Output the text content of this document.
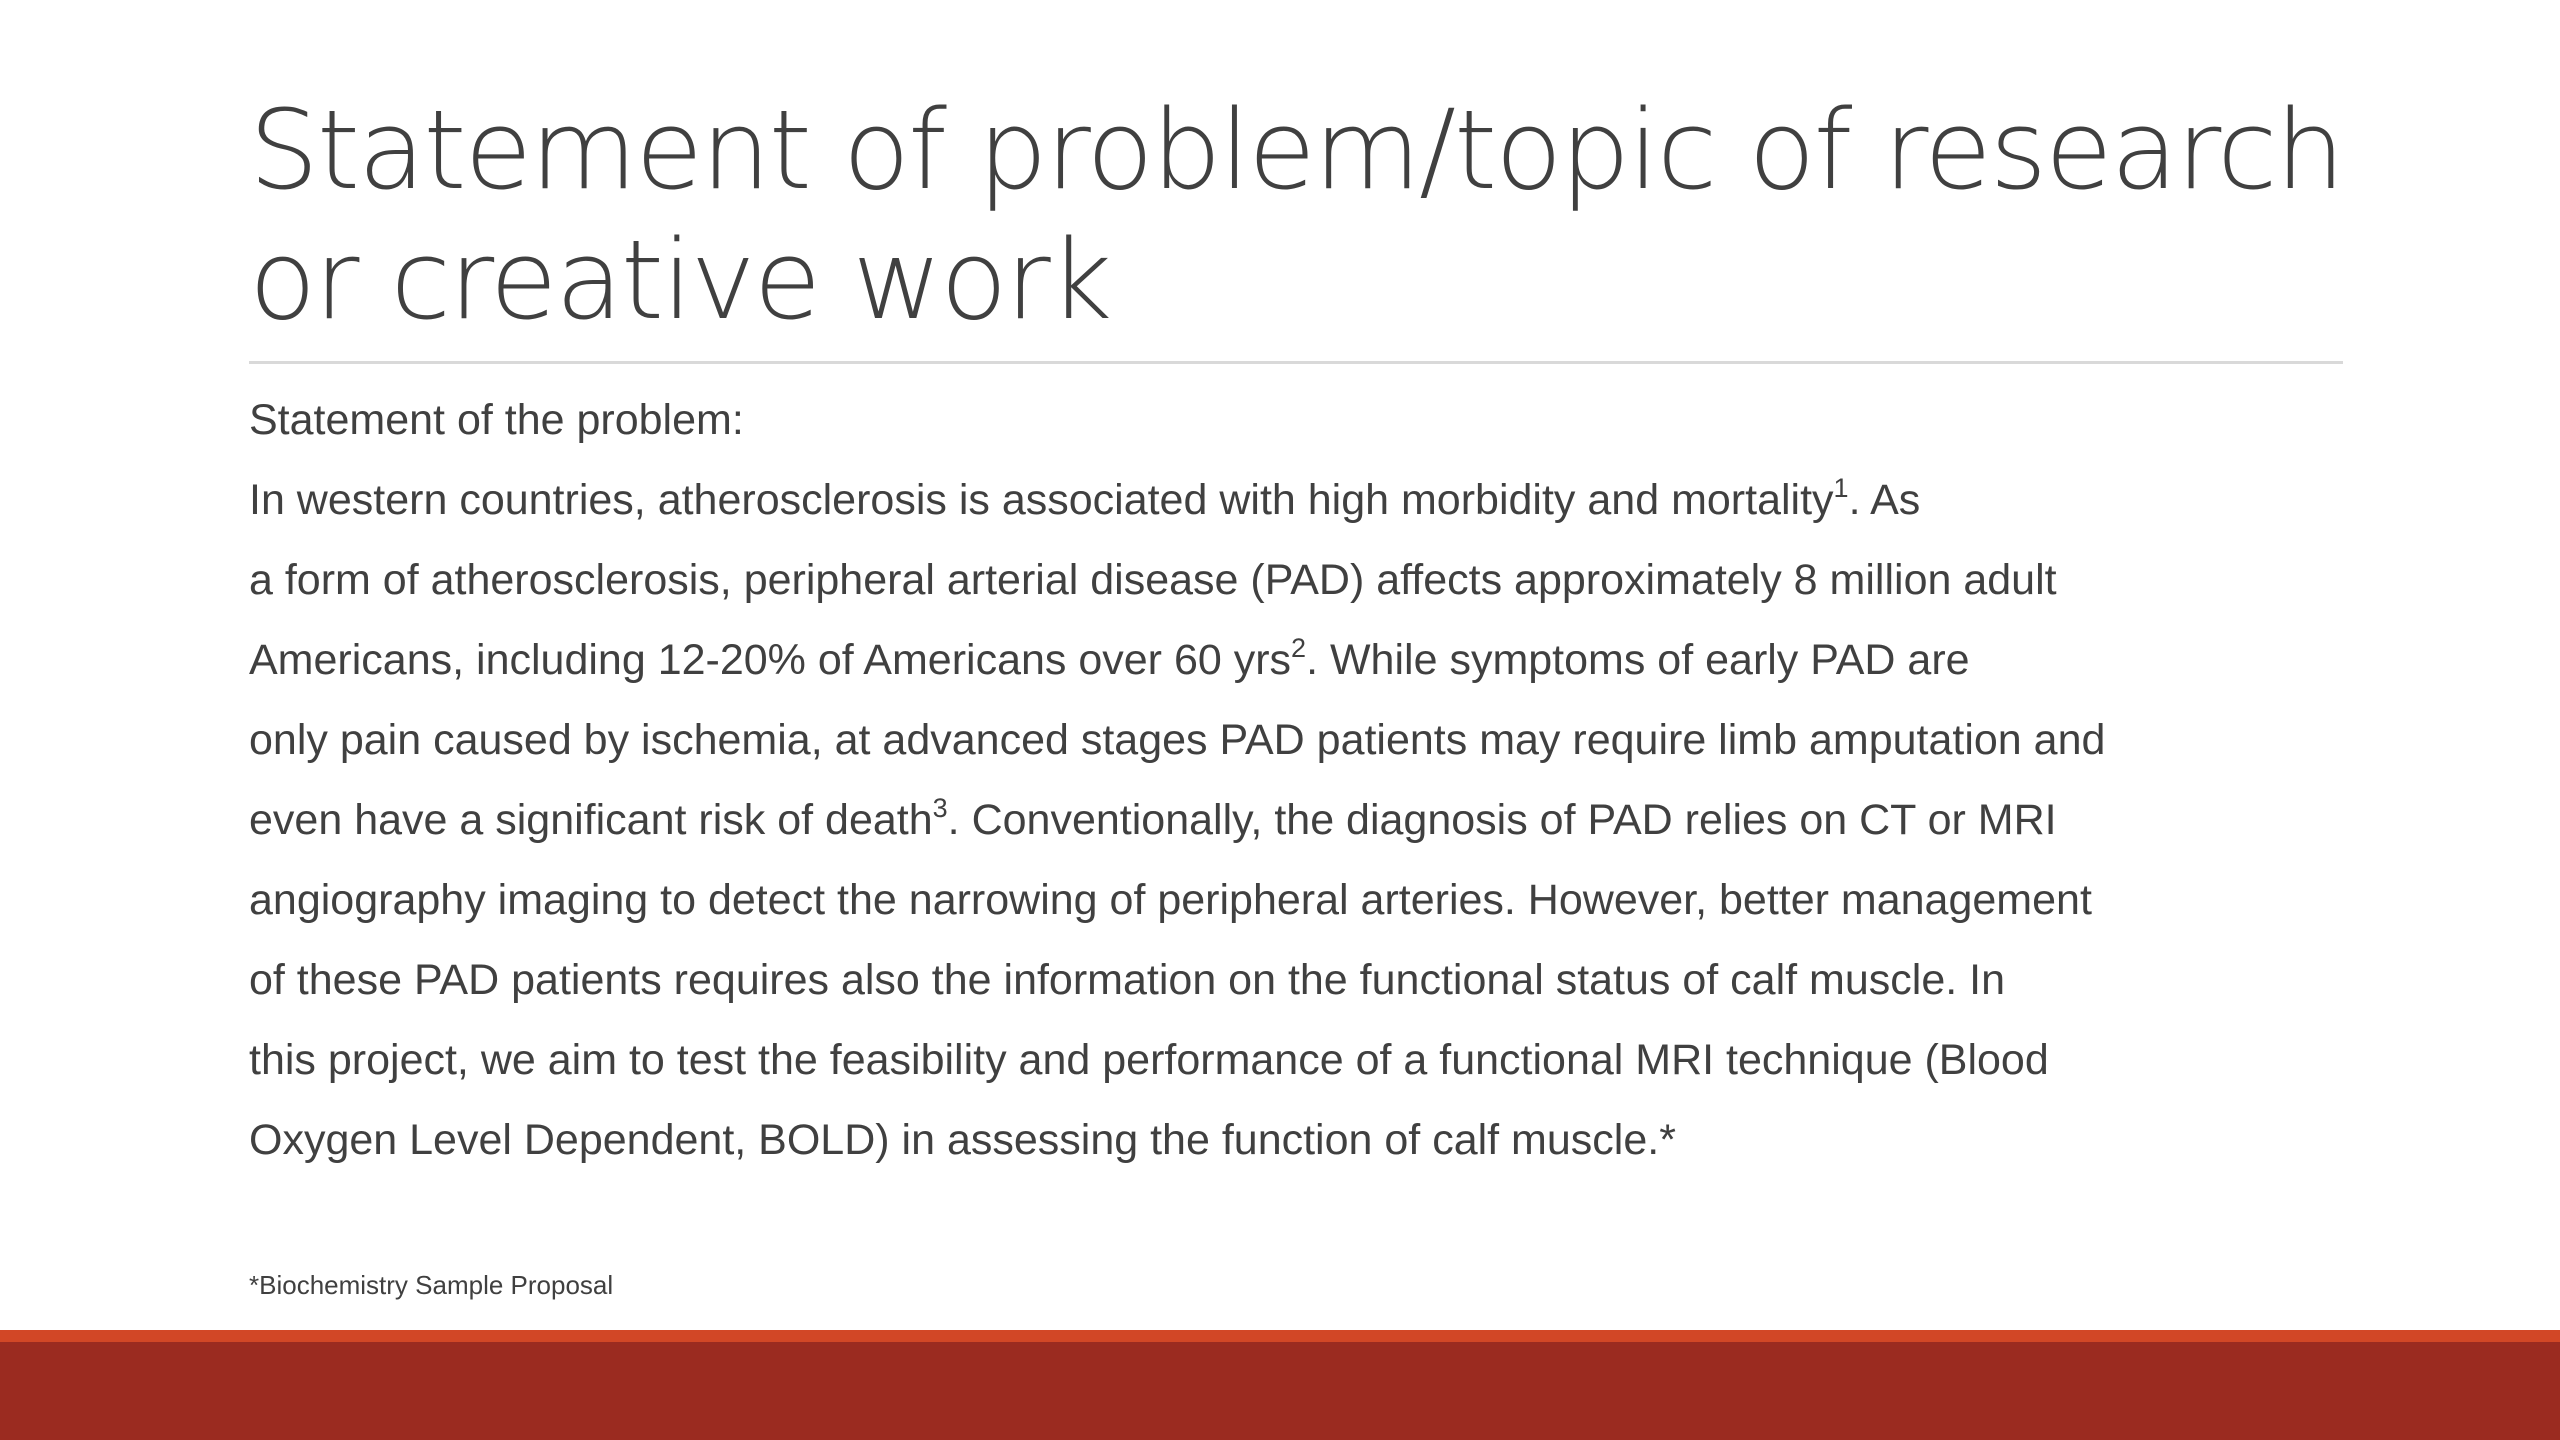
Statement of problem/topic of research
or creative work
Statement of the problem:
In western countries, atherosclerosis is associated with high morbidity and mortality$^1$. As
a form of atherosclerosis, peripheral arterial disease (PAD) affects approximately 8 million adult
Americans, including 12-20% of Americans over 60 yrs$^2$. While symptoms of early PAD are
only pain caused by ischemia, at advanced stages PAD patients may require limb amputation and
even have a significant risk of death$^3$. Conventionally, the diagnosis of PAD relies on CT or MRI
angiography imaging to detect the narrowing of peripheral arteries. However, better management
of these PAD patients requires also the information on the functional status of calf muscle. In
this project, we aim to test the feasibility and performance of a functional MRI technique (Blood
Oxygen Level Dependent, BOLD) in assessing the function of calf muscle.*
*Biochemistry Sample Proposal
